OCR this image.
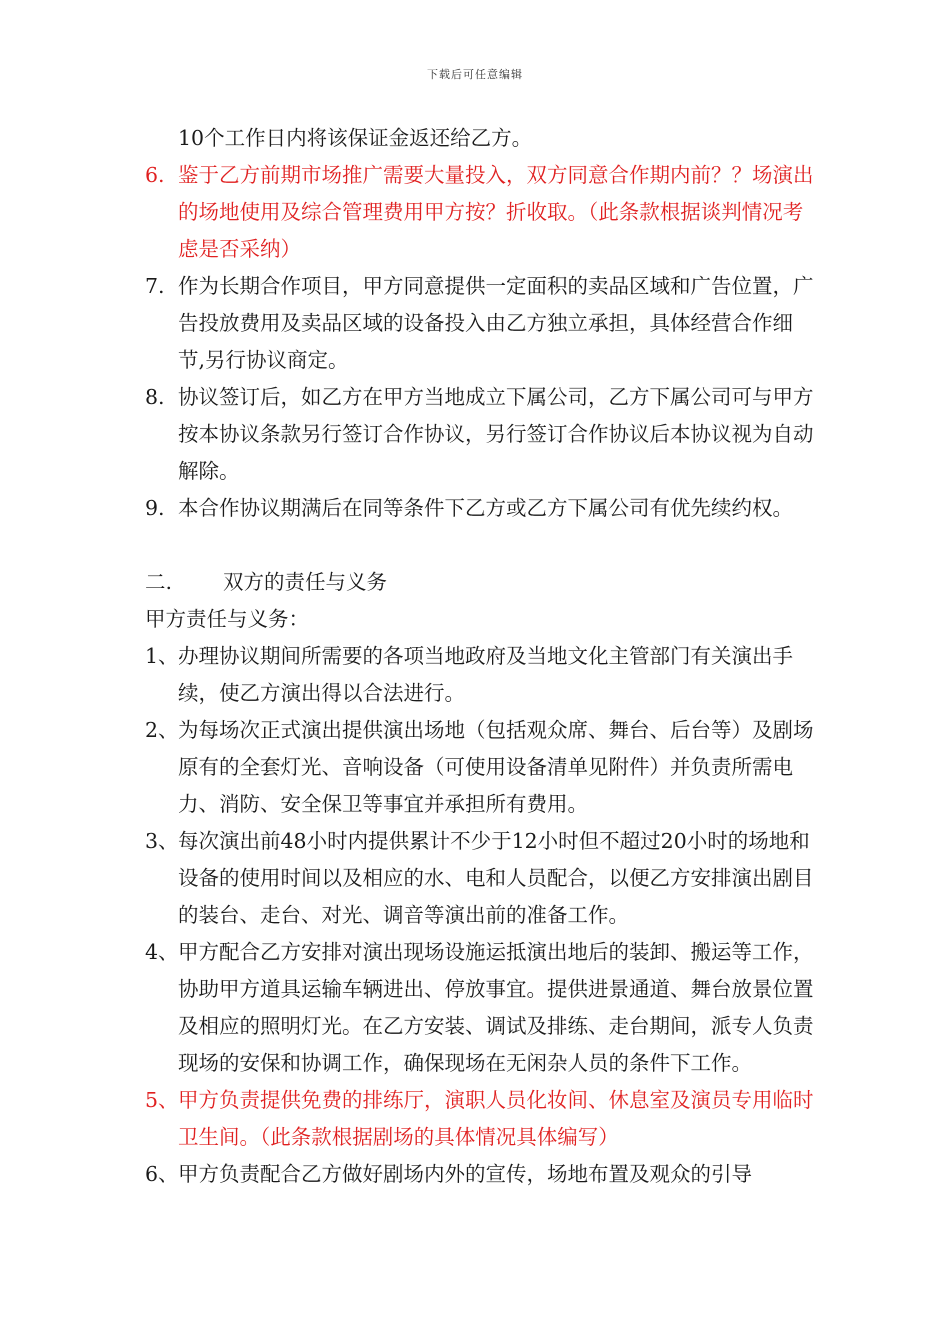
下载后可任意编辑

10个工作日内将该保证金返还给乙方。

6. 鉴于乙方前期市场推广需要大量投入，双方同意合作期内前？？场演出的场地使用及综合管理费用甲方按？折收取。（此条款根据谈判情况考虑是否采纳）
7. 作为长期合作项目，甲方同意提供一定面积的卖品区域和广告位置，广告投放费用及卖品区域的设备投入由乙方独立承担，具体经营合作细节,另行协议商定。
8. 协议签订后，如乙方在甲方当地成立下属公司，乙方下属公司可与甲方按本协议条款另行签订合作协议，另行签订合作协议后本协议视为自动解除。
9. 本合作协议期满后在同等条件下乙方或乙方下属公司有优先续约权。
二. 双方的责任与义务

甲方责任与义务：

1、 办理协议期间所需要的各项当地政府及当地文化主管部门有关演出手续，使乙方演出得以合法进行。
2、 为每场次正式演出提供演出场地（包括观众席、舞台、后台等）及剧场原有的全套灯光、音响设备（可使用设备清单见附件）并负责所需电力、消防、安全保卫等事宜并承担所有费用。
3、 每次演出前48小时内提供累计不少于12小时但不超过20小时的场地和设备的使用时间以及相应的水、电和人员配合，以便乙方安排演出剧目的装台、走台、对光、调音等演出前的准备工作。
4、 甲方配合乙方安排对演出现场设施运抵演出地后的装卸、搬运等工作，协助甲方道具运输车辆进出、停放事宜。提供进景通道、舞台放景位置及相应的照明灯光。在乙方安装、调试及排练、走台期间，派专人负责现场的安保和协调工作，确保现场在无闲杂人员的条件下工作。
5、 甲方负责提供免费的排练厅，演职人员化妆间、休息室及演员专用临时卫生间。（此条款根据剧场的具体情况具体编写）
6、 甲方负责配合乙方做好剧场内外的宣传，场地布置及观众的引导
